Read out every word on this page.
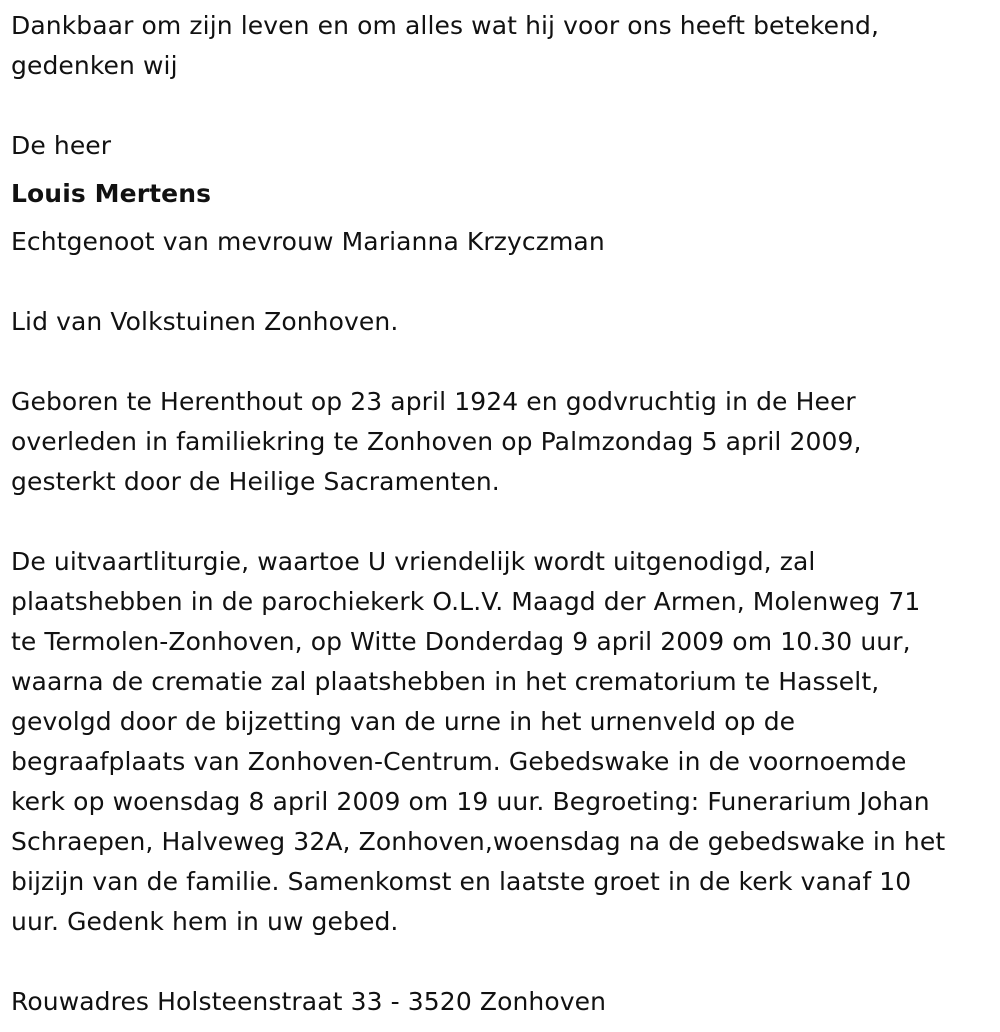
Dankbaar om zijn leven en om alles wat hij voor ons heeft betekend,
gedenken wij
De heer
Louis Mertens
Echtgenoot van mevrouw Marianna Krzyczman
Lid van Volkstuinen Zonhoven.
Geboren te Herenthout op 23 april 1924 en godvruchtig in de Heer
overleden in familiekring te Zonhoven op Palmzondag 5 april 2009,
gesterkt door de Heilige Sacramenten.
De uitvaartliturgie, waartoe U vriendelijk wordt uitgenodigd, zal
plaatshebben in de parochiekerk O.L.V. Maagd der Armen, Molenweg 71
te Termolen-Zonhoven, op Witte Donderdag 9 april 2009 om 10.30 uur,
waarna de crematie zal plaatshebben in het crematorium te Hasselt,
gevolgd door de bijzetting van de urne in het urnenveld op de
begraafplaats van Zonhoven-Centrum. Gebedswake in de voornoemde
kerk op woensdag 8 april 2009 om 19 uur. Begroeting: Funerarium Johan
Schraepen, Halveweg 32A, Zonhoven,woensdag na de gebedswake in het
bijzijn van de familie. Samenkomst en laatste groet in de kerk vanaf 10
uur. Gedenk hem in uw gebed.
Rouwadres Holsteenstraat 33 - 3520 Zonhoven
